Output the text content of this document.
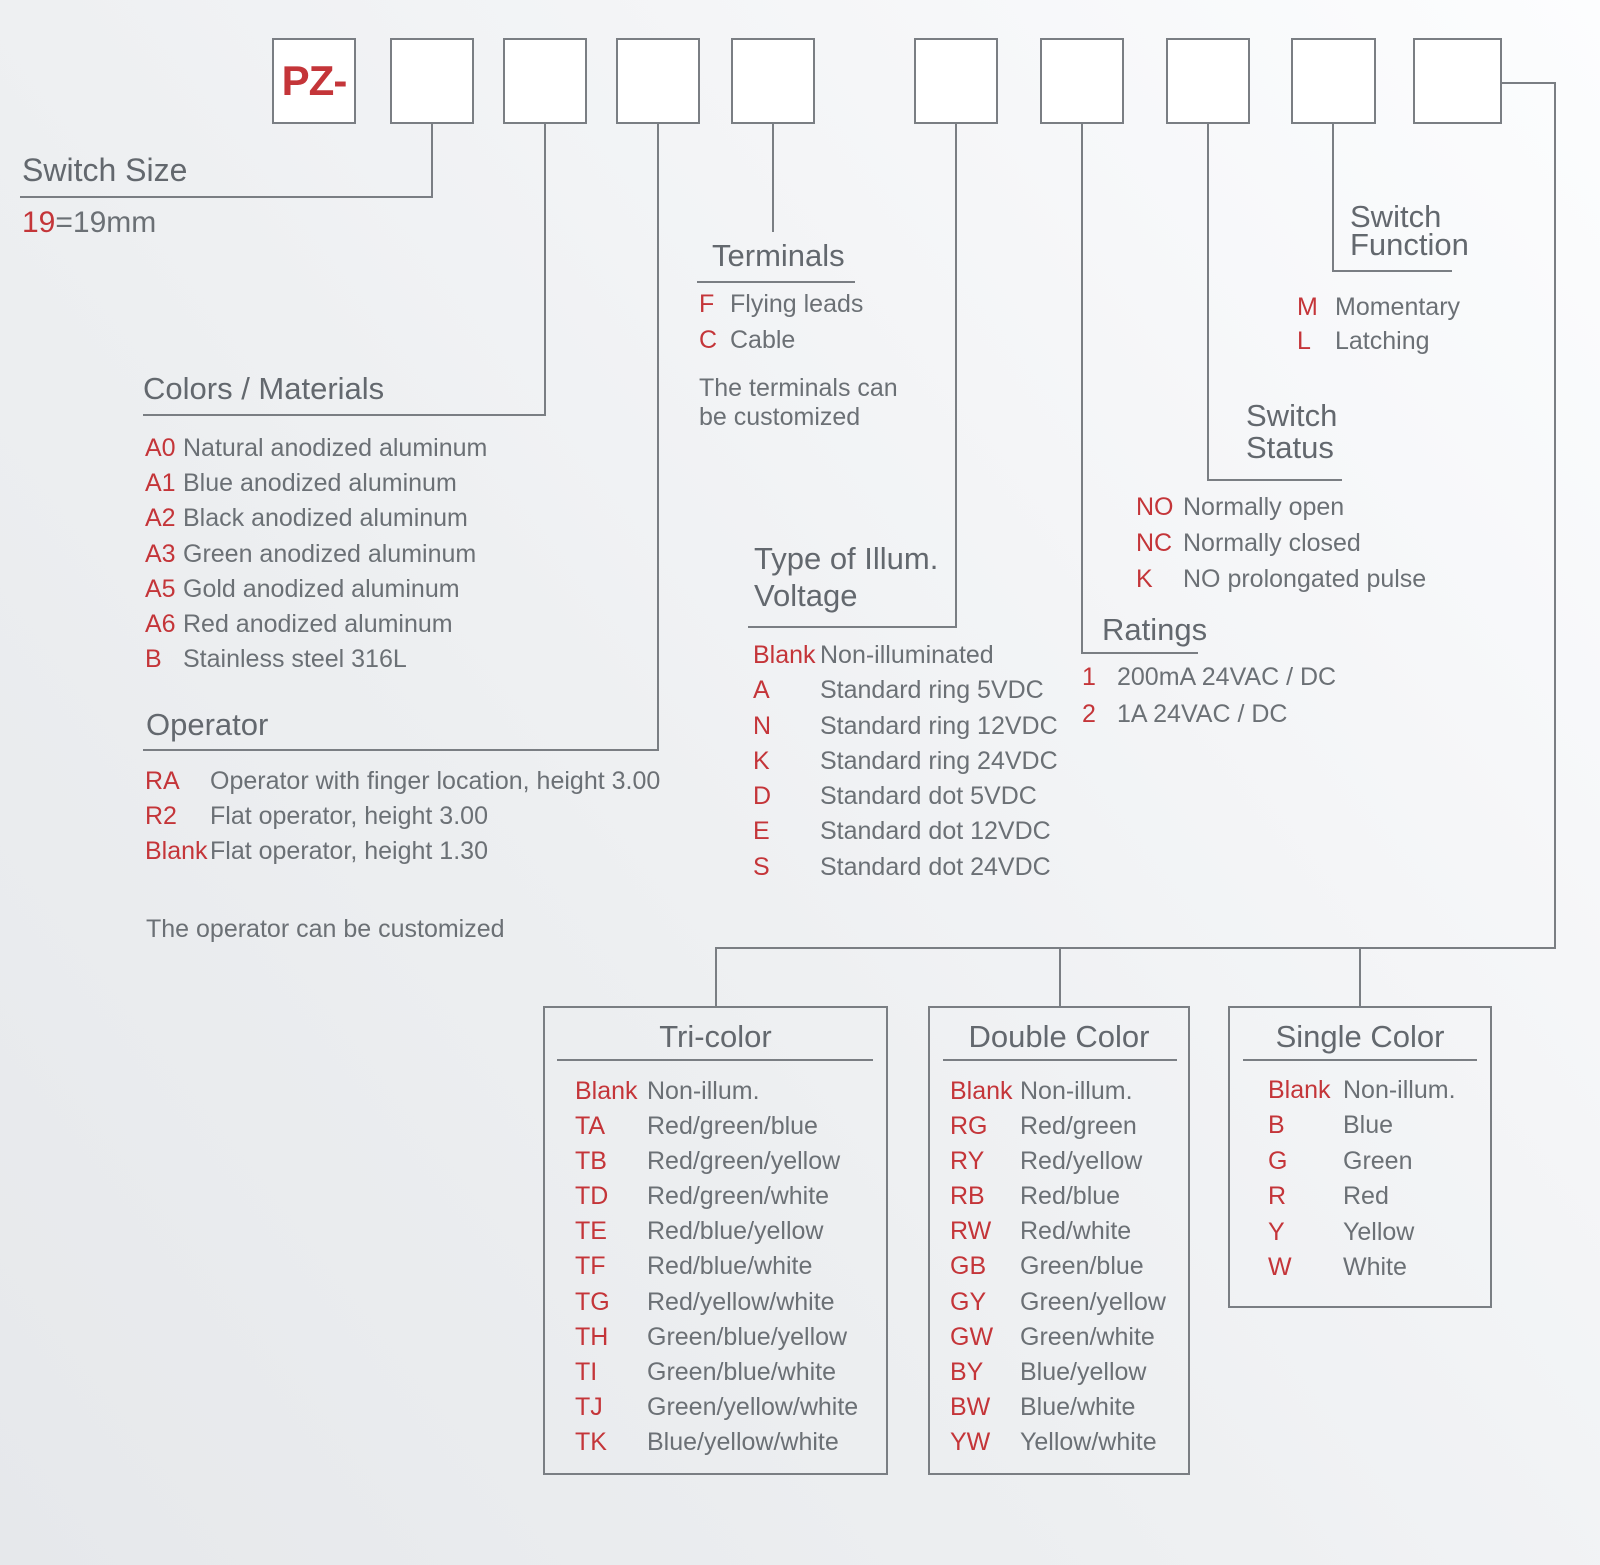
PZ-
Switch Size
19=19mm
Colors / Materials
A0 Natural anodized aluminum
A1 Blue anodized aluminum
A2 Black anodized aluminum
A3 Green anodized aluminum
A5 Gold anodized aluminum
A6 Red anodized aluminum
B Stainless steel 316L
Operator
RA	Operator with finger location, height 3.00
R2	Flat operator, height 3.00
Blank Flat operator, height 1.30
The operator can be customized
Terminals
F Flying leads
C Cable
The terminals can
be customized
Type of Illum.
Voltage
Blank Non-illuminated
A	Standard ring 5VDC
N	Standard ring 12VDC
K	Standard ring 24VDC
D	Standard dot 5VDC
E	Standard dot 12VDC
S	Standard dot 24VDC
Ratings
1 200mA 24VAC / DC
2 1A 24VAC / DC
Switch
Status
NO Normally open
NC Normally closed
K	NO prolongated pulse
Switch
Function
M Momentary
L Latching
Tri-color
Blank Non-illum.
TA	Red/green/blue
TB	Red/green/yellow
TD	Red/green/white
TE	Red/blue/yellow
TF	Red/blue/white
TG	Red/yellow/white
TH	Green/blue/yellow
TI	Green/blue/white
TJ	Green/yellow/white
TK	Blue/yellow/white
Double Color
Blank Non-illum.
RG	Red/green
RY	Red/yellow
RB	Red/blue
RW	Red/white
GB	Green/blue
GY	Green/yellow
GW	Green/white
BY	Blue/yellow
BW	Blue/white
YW	Yellow/white
Single Color
Blank Non-illum.
B	Blue
G	Green
R	Red
Y	Yellow
W	White
